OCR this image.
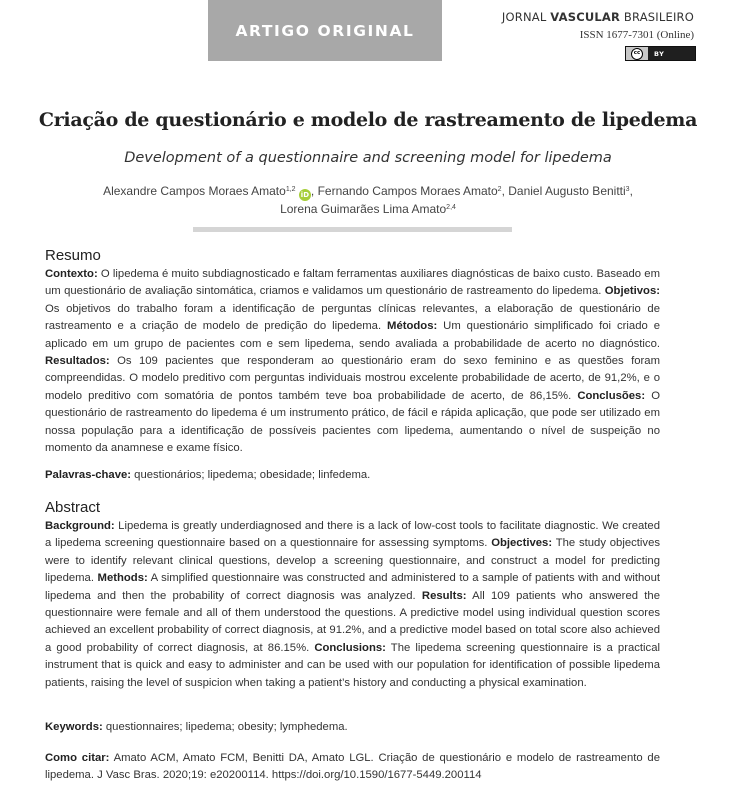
ARTIGO ORIGINAL
JORNAL VASCULAR BRASILEIRO
ISSN 1677-7301 (Online)
cc	BY
Criação de questionário e modelo de rastreamento de lipedema
Development of a questionnaire and screening model for lipedema
Alexandre Campos Moraes Amato$^{1,2}$ iD , Fernando Campos Moraes Amato$^2$, Daniel Augusto Benitti$^3$,
Lorena Guimarães Lima Amato$^{2,4}$
Resumo

Contexto: O lipedema é muito subdiagnosticado e faltam ferramentas auxiliares diagnósticas de baixo custo. Baseado em um questionário de avaliação sintomática, criamos e validamos um questionário de rastreamento do lipedema. Objetivos: Os objetivos do trabalho foram a identificação de perguntas clínicas relevantes, a elaboração de questionário de rastreamento e a criação de modelo de predição do lipedema. Métodos: Um questionário simplificado foi criado e aplicado em um grupo de pacientes com e sem lipedema, sendo avaliada a probabilidade de acerto no diagnóstico. Resultados: Os 109 pacientes que responderam ao questionário eram do sexo feminino e as questões foram compreendidas. O modelo preditivo com perguntas individuais mostrou excelente probabilidade de acerto, de 91,2%, e o modelo preditivo com somatória de pontos também teve boa probabilidade de acerto, de 86,15%. Conclusões: O questionário de rastreamento do lipedema é um instrumento prático, de fácil e rápida aplicação, que pode ser utilizado em nossa população para a identificação de possíveis pacientes com lipedema, aumentando o nível de suspeição no momento da anamnese e exame físico.

Palavras-chave: questionários; lipedema; obesidade; linfedema.

Abstract

Background: Lipedema is greatly underdiagnosed and there is a lack of low-cost tools to facilitate diagnostic. We created a lipedema screening questionnaire based on a questionnaire for assessing symptoms. Objectives: The study objectives were to identify relevant clinical questions, develop a screening questionnaire, and construct a model for predicting lipedema. Methods: A simplified questionnaire was constructed and administered to a sample of patients with and without lipedema and then the probability of correct diagnosis was analyzed. Results: All 109 patients who answered the questionnaire were female and all of them understood the questions. A predictive model using individual question scores achieved an excellent probability of correct diagnosis, at 91.2%, and a predictive model based on total score also achieved a good probability of correct diagnosis, at 86.15%. Conclusions: The lipedema screening questionnaire is a practical instrument that is quick and easy to administer and can be used with our population for identification of possible lipedema patients, raising the level of suspicion when taking a patient’s history and conducting a physical examination.

Keywords: questionnaires; lipedema; obesity; lymphedema.

Como citar: Amato ACM, Amato FCM, Benitti DA, Amato LGL. Criação de questionário e modelo de rastreamento de lipedema. J Vasc Bras. 2020;19: e20200114. https://doi.org/10.1590/1677-5449.200114
